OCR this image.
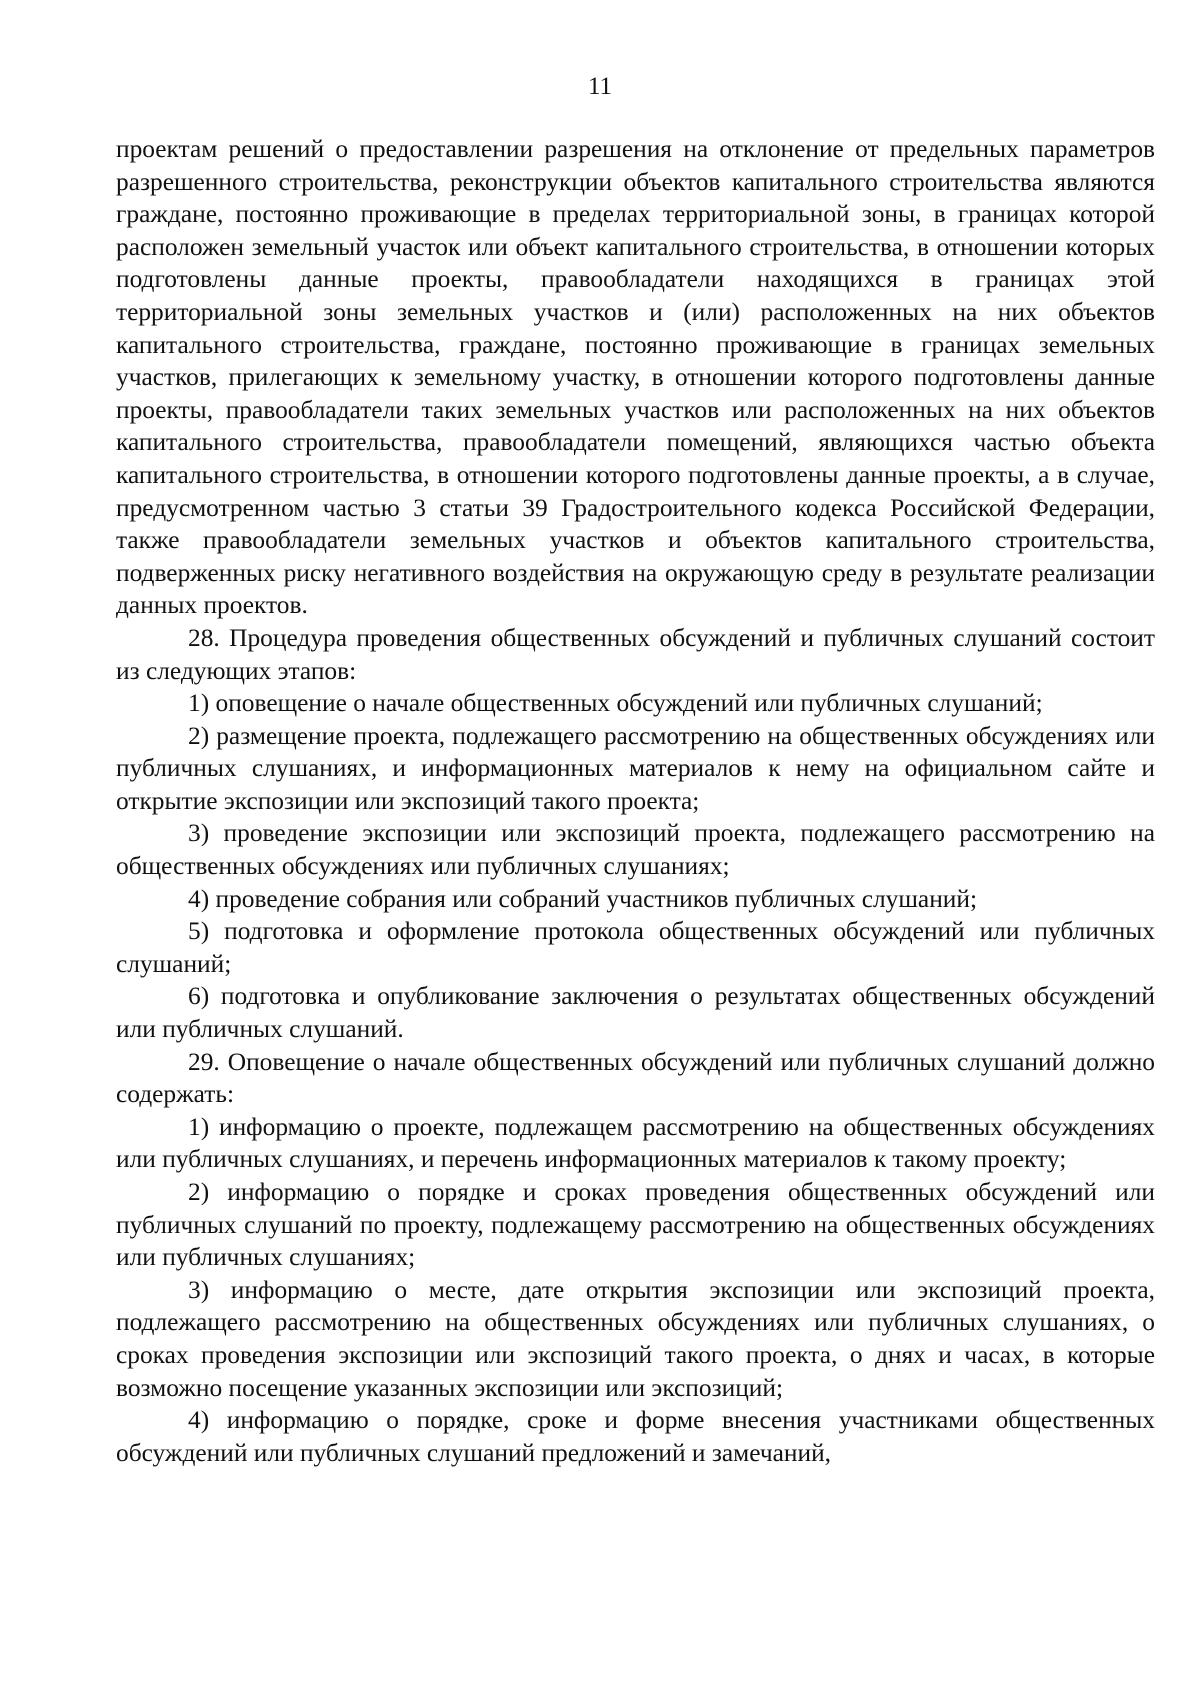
11

проектам решений о предоставлении разрешения на отклонение от предельных параметров разрешенного строительства, реконструкции объектов капитального строительства являются граждане, постоянно проживающие в пределах территориальной зоны, в границах которой расположен земельный участок или объект капитального строительства, в отношении которых подготовлены данные проекты, правообладатели находящихся в границах этой территориальной зоны земельных участков и (или) расположенных на них объектов капитального строительства, граждане, постоянно проживающие в границах земельных участков, прилегающих к земельному участку, в отношении которого подготовлены данные проекты, правообладатели таких земельных участков или расположенных на них объектов капитального строительства, правообладатели помещений, являющихся частью объекта капитального строительства, в отношении которого подготовлены данные проекты, а в случае, предусмотренном частью 3 статьи 39 Градостроительного кодекса Российской Федерации, также правообладатели земельных участков и объектов капитального строительства, подверженных риску негативного воздействия на окружающую среду в результате реализации данных проектов.

28. Процедура проведения общественных обсуждений и публичных слушаний состоит из следующих этапов:

1) оповещение о начале общественных обсуждений или публичных слушаний;

2) размещение проекта, подлежащего рассмотрению на общественных обсуждениях или публичных слушаниях, и информационных материалов к нему на официальном сайте и открытие экспозиции или экспозиций такого проекта;

3) проведение экспозиции или экспозиций проекта, подлежащего рассмотрению на общественных обсуждениях или публичных слушаниях;

4) проведение собрания или собраний участников публичных слушаний;

5) подготовка и оформление протокола общественных обсуждений или публичных слушаний;

6) подготовка и опубликование заключения о результатах общественных обсуждений или публичных слушаний.

29. Оповещение о начале общественных обсуждений или публичных слушаний должно содержать:

1) информацию о проекте, подлежащем рассмотрению на общественных обсуждениях или публичных слушаниях, и перечень информационных материалов к такому проекту;

2) информацию о порядке и сроках проведения общественных обсуждений или публичных слушаний по проекту, подлежащему рассмотрению на общественных обсуждениях или публичных слушаниях;

3) информацию о месте, дате открытия экспозиции или экспозиций проекта, подлежащего рассмотрению на общественных обсуждениях или публичных слушаниях, о сроках проведения экспозиции или экспозиций такого проекта, о днях и часах, в которые возможно посещение указанных экспозиции или экспозиций;

4) информацию о порядке, сроке и форме внесения участниками общественных обсуждений или публичных слушаний предложений и замечаний,
